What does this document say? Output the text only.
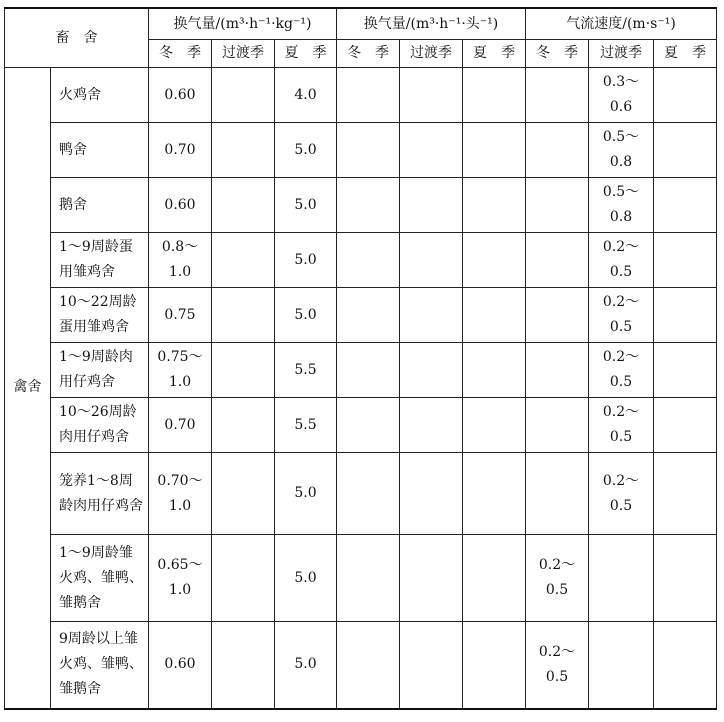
畜　舍		换气量/(m³·h⁻¹·kg⁻¹)			换气量/(m³·h⁻¹·头⁻¹)			气流速度/(m·s⁻¹)		
		冬　季	过渡季	夏　季	冬　季	过渡季	夏　季	冬　季	过渡季	夏　季
禽舍	火鸡舍	0.60		4.0					0.3～0.6	
	鸭舍	0.70		5.0					0.5～0.8	
	鹅舍	0.60		5.0					0.5～0.8	
	1～9周龄蛋用雏鸡舍	0.8～1.0		5.0					0.2～0.5	
	10～22周龄蛋用雏鸡舍	0.75		5.0					0.2～0.5	
	1～9周龄肉用仔鸡舍	0.75～1.0		5.5					0.2～0.5	
	10～26周龄肉用仔鸡舍	0.70		5.5					0.2～0.5	
	笼养1～8周龄肉用仔鸡舍	0.70～1.0		5.0					0.2～0.5	
	1～9周龄雏火鸡、雏鸭、雏鹅舍	0.65～1.0		5.0				0.2～0.5		
	9周龄以上雏火鸡、雏鸭、雏鹅舍	0.60		5.0				0.2～0.5		
